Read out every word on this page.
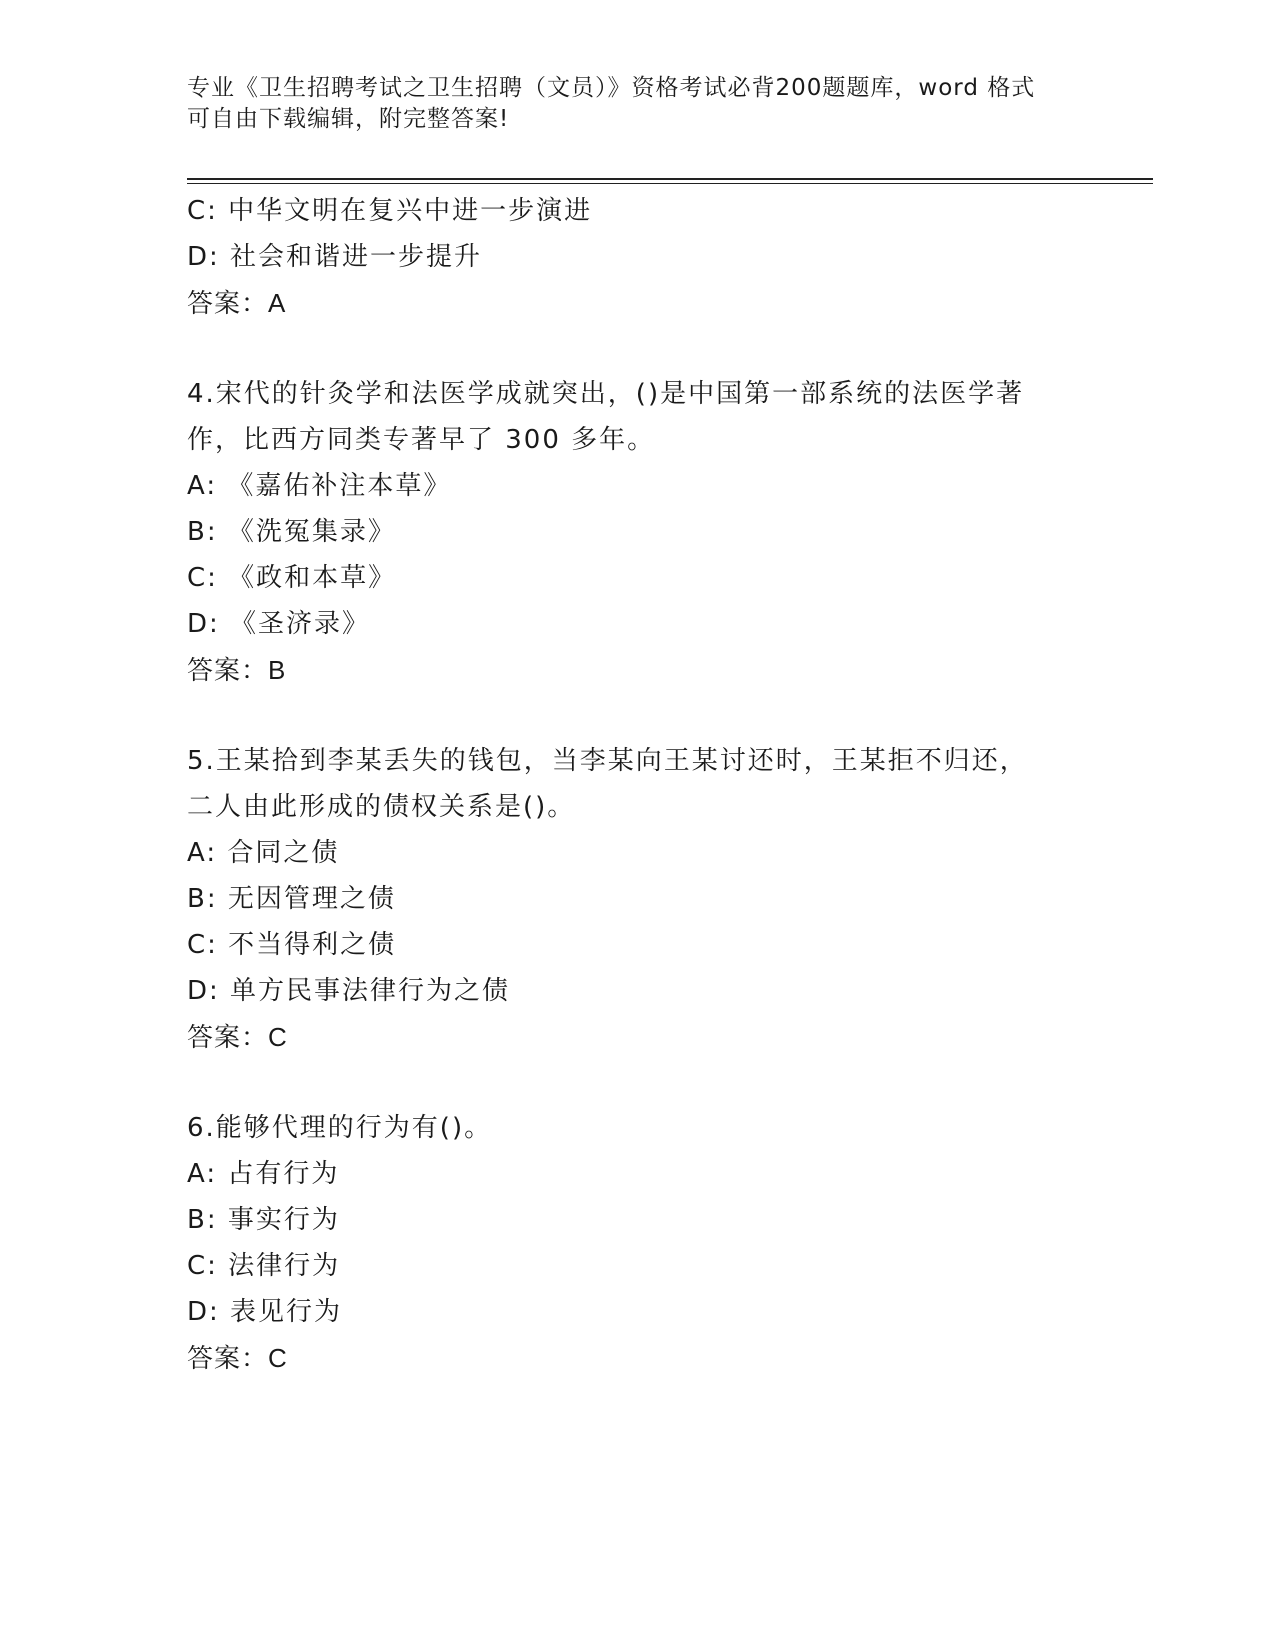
专业《卫生招聘考试之卫生招聘（文员）》资格考试必背200题题库，word 格式
可自由下载编辑，附完整答案!
C: 中华文明在复兴中进一步演进
D: 社会和谐进一步提升
答案：A
4.宋代的针灸学和法医学成就突出，()是中国第一部系统的法医学著
作，比西方同类专著早了 300 多年。
A: 《嘉佑补注本草》
B: 《洗冤集录》
C: 《政和本草》
D: 《圣济录》
答案：B
5.王某拾到李某丢失的钱包，当李某向王某讨还时，王某拒不归还，
二人由此形成的债权关系是()。
A: 合同之债
B: 无因管理之债
C: 不当得利之债
D: 单方民事法律行为之债
答案：C
6.能够代理的行为有()。
A: 占有行为
B: 事实行为
C: 法律行为
D: 表见行为
答案：C
